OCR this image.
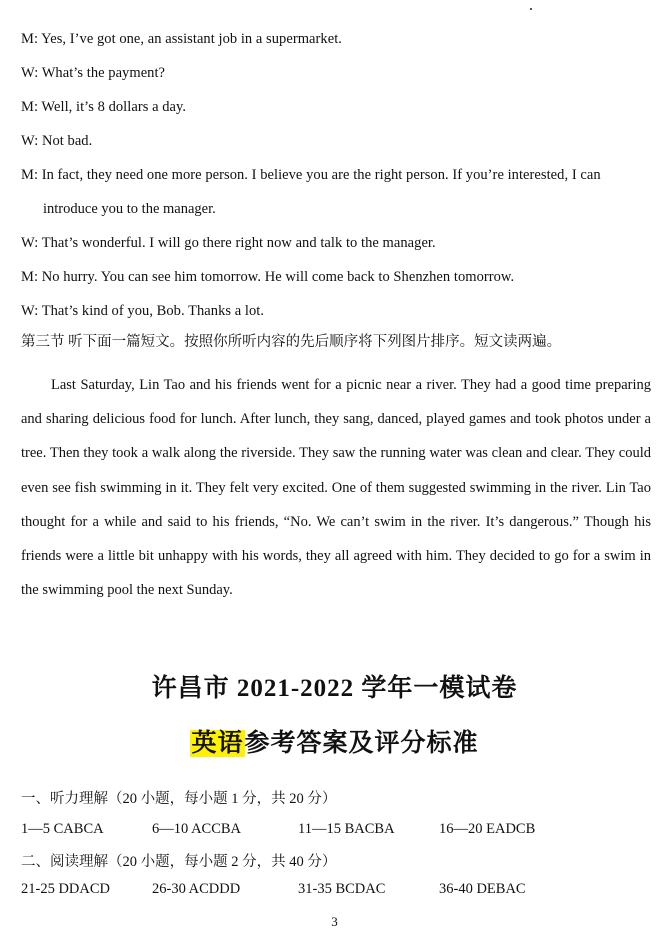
M: Yes, I’ve got one, an assistant job in a supermarket.
W: What’s the payment?
M: Well, it’s 8 dollars a day.
W: Not bad.
M: In fact, they need one more person. I believe you are the right person. If you’re interested, I can
introduce you to the manager.
W: That’s wonderful. I will go there right now and talk to the manager.
M: No hurry. You can see him tomorrow. He will come back to Shenzhen tomorrow.
W: That’s kind of you, Bob. Thanks a lot.
第三节 听下面一篇短文。按照你所听内容的先后顺序将下列图片排序。短文读两遍。
Last Saturday, Lin Tao and his friends went for a picnic near a river. They had a good time preparing and sharing delicious food for lunch. After lunch, they sang, danced, played games and took photos under a tree. Then they took a walk along the riverside. They saw the running water was clean and clear. They could even see fish swimming in it. They felt very excited. One of them suggested swimming in the river. Lin Tao thought for a while and said to his friends, “No. We can’t swim in the river. It’s dangerous.” Though his friends were a little bit unhappy with his words, they all agreed with him. They decided to go for a swim in the swimming pool the next Sunday.
许昌市 2021-2022 学年一模试卷
英语参考答案及评分标准
一、听力理解（20 小题，每小题 1 分，共 20 分）
1—5 CABCA	6—10 ACCBA	11—15 BACBA	16—20 EADCB
二、阅读理解（20 小题，每小题 2 分，共 40 分）
21-25 DDACD	26-30 ACDDD	31-35 BCDAC	36-40 DEBAC
3
